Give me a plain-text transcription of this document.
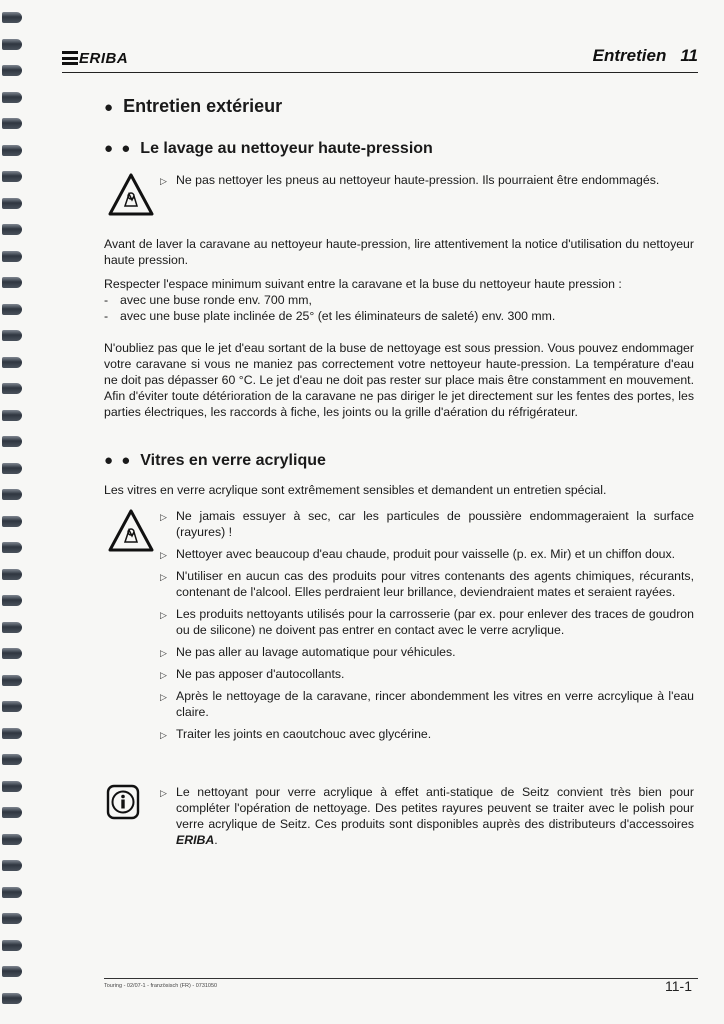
ERIBA	Entretien 11
● Entretien extérieur
● ● Le lavage au nettoyeur haute-pression
▷ Ne pas nettoyer les pneus au nettoyeur haute-pression. Ils pourraient être endommagés.
Avant de laver la caravane au nettoyeur haute-pression, lire attentivement la notice d'utilisation du nettoyeur haute pression.
Respecter l'espace minimum suivant entre la caravane et la buse du nettoyeur haute pression :
- avec une buse ronde env. 700 mm,
- avec une buse plate inclinée de 25° (et les éliminateurs de saleté) env. 300 mm.
N'oubliez pas que le jet d'eau sortant de la buse de nettoyage est sous pression. Vous pouvez endommager votre caravane si vous ne maniez pas correctement votre nettoyeur haute-pression. La température d'eau ne doit pas dépasser 60 °C. Le jet d'eau ne doit pas rester sur place mais être constamment en mouvement. Afin d'éviter toute détérioration de la caravane ne pas diriger le jet directement sur les fentes des portes, les parties électriques, les raccords à fiche, les joints ou la grille d'aération du réfrigérateur.
● ● Vitres en verre acrylique
Les vitres en verre acrylique sont extrêmement sensibles et demandent un entretien spécial.
▷ Ne jamais essuyer à sec, car les particules de poussière endommageraient la surface (rayures) !
▷ Nettoyer avec beaucoup d'eau chaude, produit pour vaisselle (p. ex. Mir) et un chiffon doux.
▷ N'utiliser en aucun cas des produits pour vitres contenants des agents chimiques, récurants, contenant de l'alcool. Elles perdraient leur brillance, deviendraient mates et seraient rayées.
▷ Les produits nettoyants utilisés pour la carrosserie (par ex. pour enlever des traces de goudron ou de silicone) ne doivent pas entrer en contact avec le verre acrylique.
▷ Ne pas aller au lavage automatique pour véhicules.
▷ Ne pas apposer d'autocollants.
▷ Après le nettoyage de la caravane, rincer abondemment les vitres en verre acrcylique à l'eau claire.
▷ Traiter les joints en caoutchouc avec glycérine.
▷ Le nettoyant pour verre acrylique à effet anti-statique de Seitz convient très bien pour compléter l'opération de nettoyage. Des petites rayures peuvent se traiter avec le polish pour verre acrylique de Seitz. Ces produits sont disponibles auprès des distributeurs d'accessoires ERIBA.
Touring - 02/07-1 - französisch (FR) - 0731050	11-1
